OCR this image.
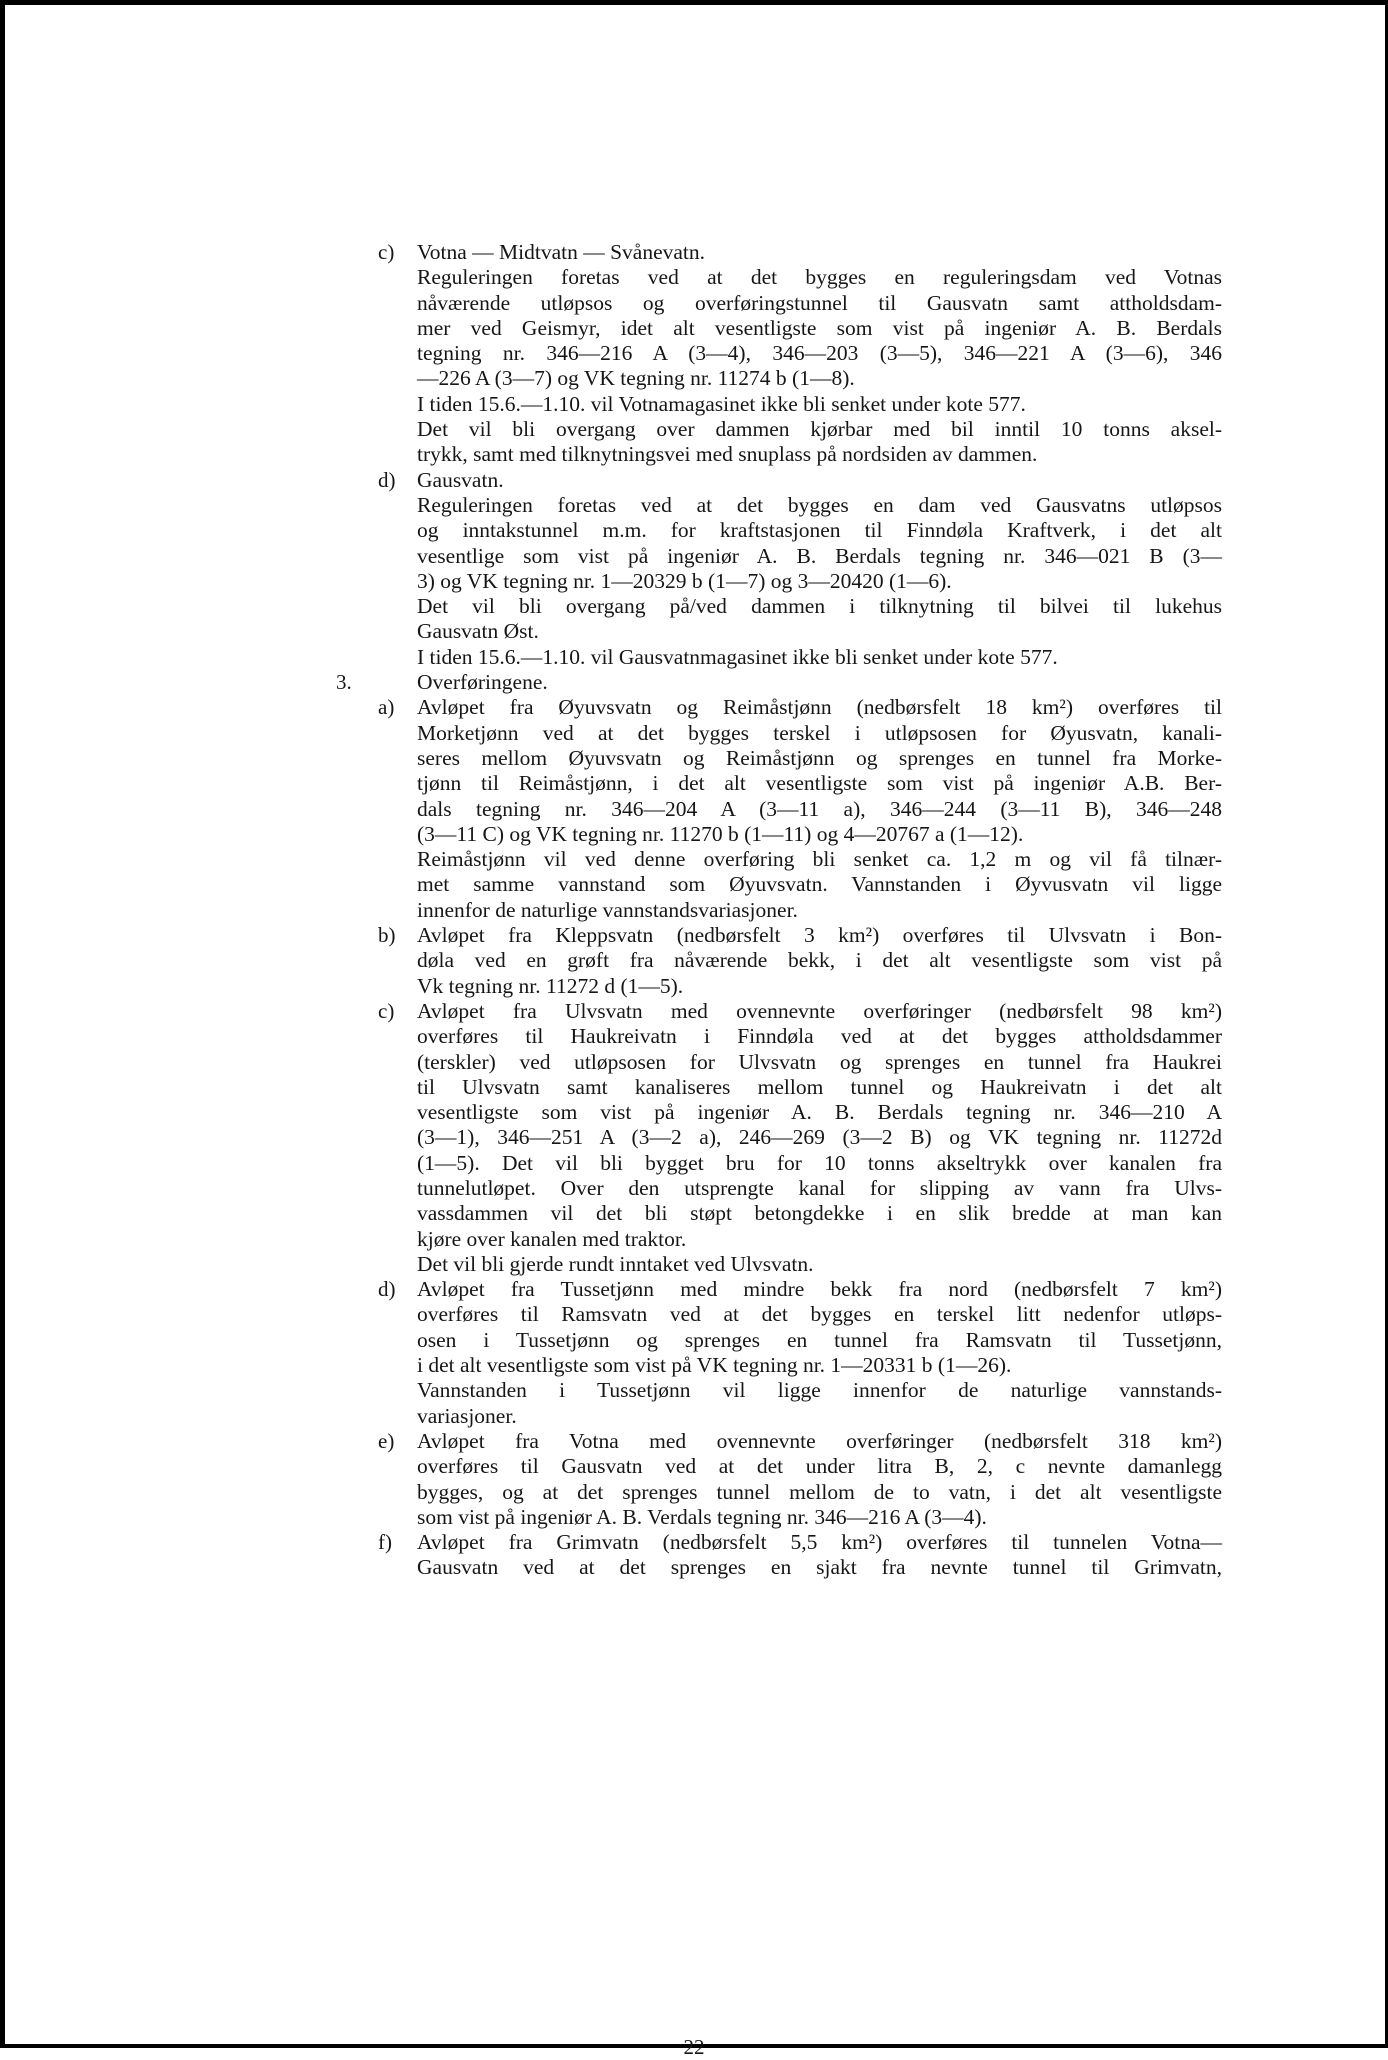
c)	Votna — Midtvatn — Svånevatn.
Reguleringen foretas ved at det bygges en reguleringsdam ved Votnas
nåværende utløpsos og overføringstunnel til Gausvatn samt attholdsdam-
mer ved Geismyr, idet alt vesentligste som vist på ingeniør A. B. Berdals
tegning nr. 346—216 A (3—4), 346—203 (3—5), 346—221 A (3—6), 346
—226 A (3—7) og VK tegning nr. 11274 b (1—8).
I tiden 15.6.—1.10. vil Votnamagasinet ikke bli senket under kote 577.
Det vil bli overgang over dammen kjørbar med bil inntil 10 tonns aksel-
trykk, samt med tilknytningsvei med snuplass på nordsiden av dammen.
d)	Gausvatn.
Reguleringen foretas ved at det bygges en dam ved Gausvatns utløpsos
og inntakstunnel m.m. for kraftstasjonen til Finndøla Kraftverk, i det alt
vesentlige som vist på ingeniør A. B. Berdals tegning nr. 346—021 B (3—
3) og VK tegning nr. 1—20329 b (1—7) og 3—20420 (1—6).
Det vil bli overgang på/ved dammen i tilknytning til bilvei til lukehus
Gausvatn Øst.
I tiden 15.6.—1.10. vil Gausvatnmagasinet ikke bli senket under kote 577.
3.	Overføringene.
a)	Avløpet fra Øyuvsvatn og Reimåstjønn (nedbørsfelt 18 km²) overføres til
Morketjønn ved at det bygges terskel i utløpsosen for Øyusvatn, kanali-
seres mellom Øyuvsvatn og Reimåstjønn og sprenges en tunnel fra Morke-
tjønn til Reimåstjønn, i det alt vesentligste som vist på ingeniør A.B. Ber-
dals tegning nr. 346—204 A (3—11 a), 346—244 (3—11 B), 346—248
(3—11 C) og VK tegning nr. 11270 b (1—11) og 4—20767 a (1—12).
Reimåstjønn vil ved denne overføring bli senket ca. 1,2 m og vil få tilnær-
met samme vannstand som Øyuvsvatn. Vannstanden i Øyvusvatn vil ligge
innenfor de naturlige vannstandsvariasjoner.
b)	Avløpet fra Kleppsvatn (nedbørsfelt 3 km²) overføres til Ulvsvatn i Bon-
døla ved en grøft fra nåværende bekk, i det alt vesentligste som vist på
Vk tegning nr. 11272 d (1—5).
c)	Avløpet fra Ulvsvatn med ovennevnte overføringer (nedbørsfelt 98 km²)
overføres til Haukreivatn i Finndøla ved at det bygges attholdsdammer
(terskler) ved utløpsosen for Ulvsvatn og sprenges en tunnel fra Haukrei
til Ulvsvatn samt kanaliseres mellom tunnel og Haukreivatn i det alt
vesentligste som vist på ingeniør A. B. Berdals tegning nr. 346—210 A
(3—1), 346—251 A (3—2 a), 246—269 (3—2 B) og VK tegning nr. 11272d
(1—5). Det vil bli bygget bru for 10 tonns akseltrykk over kanalen fra
tunnelutløpet. Over den utsprengte kanal for slipping av vann fra Ulvs-
vassdammen vil det bli støpt betongdekke i en slik bredde at man kan
kjøre over kanalen med traktor.
Det vil bli gjerde rundt inntaket ved Ulvsvatn.
d)	Avløpet fra Tussetjønn med mindre bekk fra nord (nedbørsfelt 7 km²)
overføres til Ramsvatn ved at det bygges en terskel litt nedenfor utløps-
osen i Tussetjønn og sprenges en tunnel fra Ramsvatn til Tussetjønn,
i det alt vesentligste som vist på VK tegning nr. 1—20331 b (1—26).
Vannstanden i Tussetjønn vil ligge innenfor de naturlige vannstands-
variasjoner.
e)	Avløpet fra Votna med ovennevnte overføringer (nedbørsfelt 318 km²)
overføres til Gausvatn ved at det under litra B, 2, c nevnte damanlegg
bygges, og at det sprenges tunnel mellom de to vatn, i det alt vesentligste
som vist på ingeniør A. B. Verdals tegning nr. 346—216 A (3—4).
f)	Avløpet fra Grimvatn (nedbørsfelt 5,5 km²) overføres til tunnelen Votna—
Gausvatn ved at det sprenges en sjakt fra nevnte tunnel til Grimvatn,
22
